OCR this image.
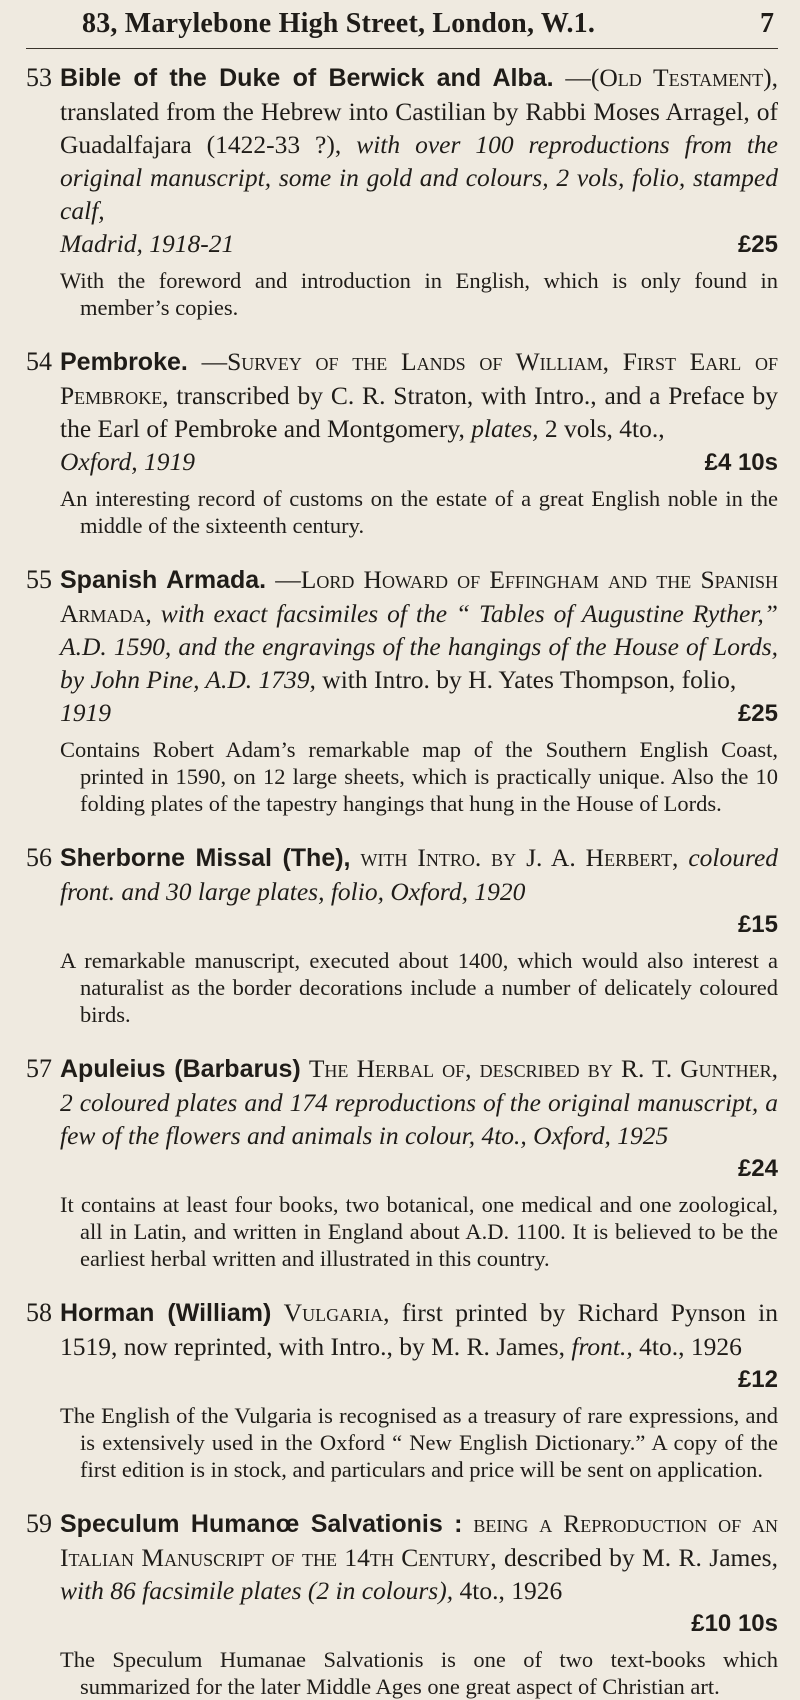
83, Marylebone High Street, London, W.1.	7
53 Bible of the Duke of Berwick and Alba. —(Old Testament), translated from the Hebrew into Castilian by Rabbi Moses Arragel, of Guadalfajara (1422-33 ?), with over 100 reproductions from the original manuscript, some in gold and colours, 2 vols, folio, stamped calf,
Madrid, 1918-21	£25
With the foreword and introduction in English, which is only found in member’s copies.
54 Pembroke. —Survey of the Lands of William, First Earl of Pembroke, transcribed by C. R. Straton, with Intro., and a Preface by the Earl of Pembroke and Montgomery, plates, 2 vols, 4to.,
Oxford, 1919	£4 10s
An interesting record of customs on the estate of a great English noble in the middle of the sixteenth century.
55 Spanish Armada. —Lord Howard of Effingham and the Spanish Armada, with exact facsimiles of the “ Tables of Augustine Ryther,” A.D. 1590, and the engravings of the hangings of the House of Lords, by John Pine, A.D. 1739, with Intro. by H. Yates Thompson, folio,
1919	£25
Contains Robert Adam’s remarkable map of the Southern English Coast, printed in 1590, on 12 large sheets, which is practically unique. Also the 10 folding plates of the tapestry hangings that hung in the House of Lords.
56 Sherborne Missal (The), with Intro. by J. A. Herbert, coloured front. and 30 large plates, folio, Oxford, 1920
£15
A remarkable manuscript, executed about 1400, which would also interest a naturalist as the border decorations include a number of delicately coloured birds.
57 Apuleius (Barbarus) The Herbal of, described by R. T. Gunther, 2 coloured plates and 174 reproductions of the original manuscript, a few of the flowers and animals in colour, 4to., Oxford, 1925
£24
It contains at least four books, two botanical, one medical and one zoological, all in Latin, and written in England about A.D. 1100. It is believed to be the earliest herbal written and illustrated in this country.
58 Horman (William) Vulgaria, first printed by Richard Pynson in 1519, now reprinted, with Intro., by M. R. James, front., 4to., 1926
£12
The English of the Vulgaria is recognised as a treasury of rare expressions, and is extensively used in the Oxford “ New English Dictionary.” A copy of the first edition is in stock, and particulars and price will be sent on application.
59 Speculum Humanœ Salvationis : being a Reproduction of an Italian Manuscript of the 14th Century, described by M. R. James, with 86 facsimile plates (2 in colours), 4to., 1926
£10 10s
The Speculum Humanae Salvationis is one of two text-books which summarized for the later Middle Ages one great aspect of Christian art.
